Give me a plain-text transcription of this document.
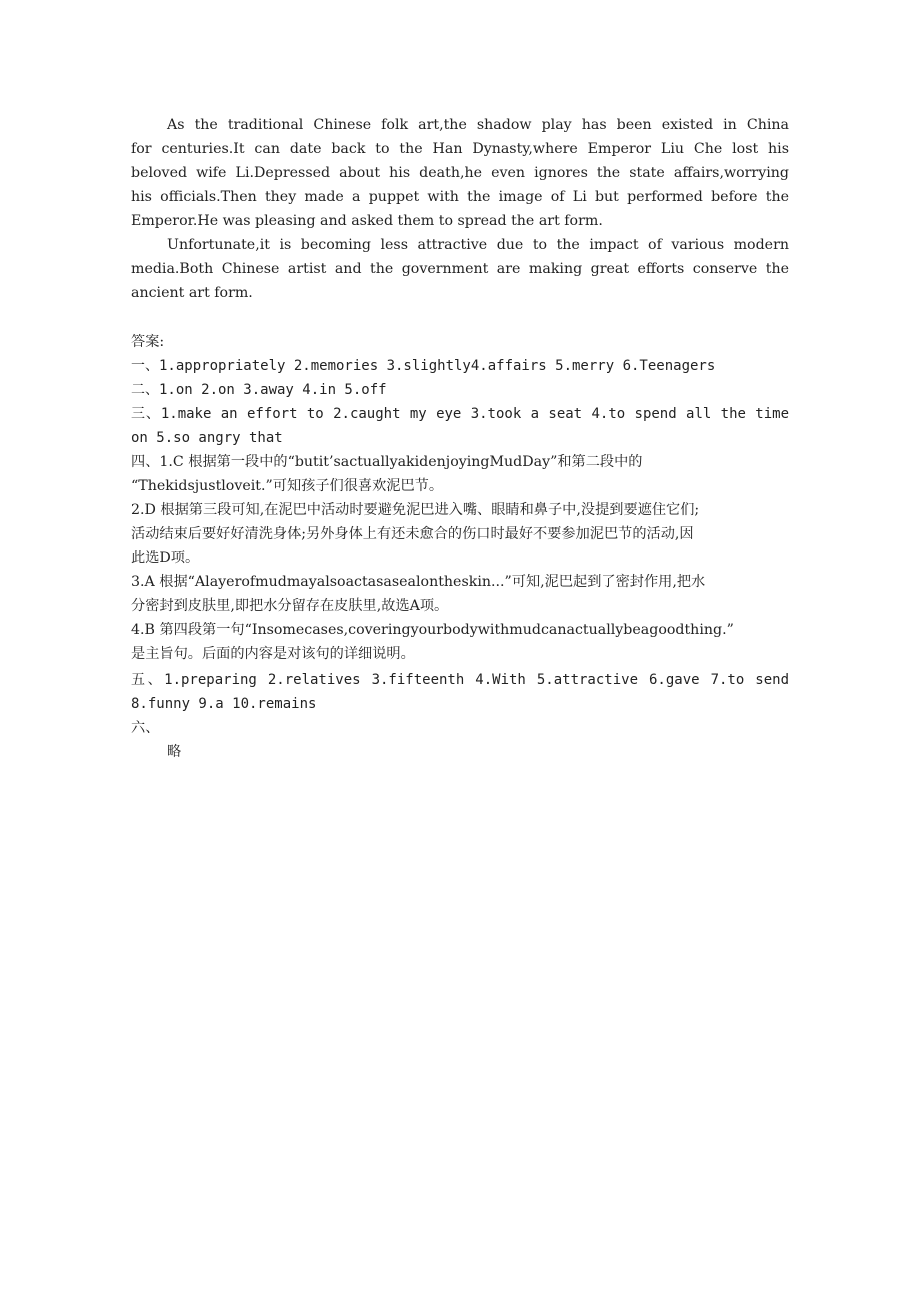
As the traditional Chinese folk art,the shadow play has been existed in China
for centuries.It can date back to the Han Dynasty,where Emperor Liu Che lost his
beloved wife Li.Depressed about his death,he even ignores the state affairs,worrying
his officials.Then they made a puppet with the image of Li but performed before the
Emperor.He was pleasing and asked them to spread the art form.
Unfortunate,it is becoming less attractive due to the impact of various modern
media.Both Chinese artist and the government are making great efforts conserve the
ancient art form.
答案:
一、1.appropriately 2.memories 3.slightly4.affairs 5.merry 6.Teenagers
二、1.on 2.on 3.away 4.in 5.off
三、1.make an effort to 2.caught my eye 3.took a seat 4.to spend all the time
on 5.so angry that
四、1.C 根据第一段中的“butit’sactuallyakidenjoyingMudDay”和第二段中的
“Thekidsjustloveit.”可知孩子们很喜欢泥巴节。
2.D 根据第三段可知,在泥巴中活动时要避免泥巴进入嘴、眼睛和鼻子中,没提到要遮住它们;
活动结束后要好好清洗身体;另外身体上有还未愈合的伤口时最好不要参加泥巴节的活动,因
此选D项。
3.A 根据“Alayerofmudmayalsoactasasealontheskin...”可知,泥巴起到了密封作用,把水
分密封到皮肤里,即把水分留存在皮肤里,故选A项。
4.B 第四段第一句“Insomecases,coveringyourbodywithmudcanactuallybeagoodthing.”
是主旨句。后面的内容是对该句的详细说明。
五、1.preparing 2.relatives 3.fifteenth 4.With 5.attractive 6.gave 7.to send
8.funny 9.a 10.remains
六、
略
